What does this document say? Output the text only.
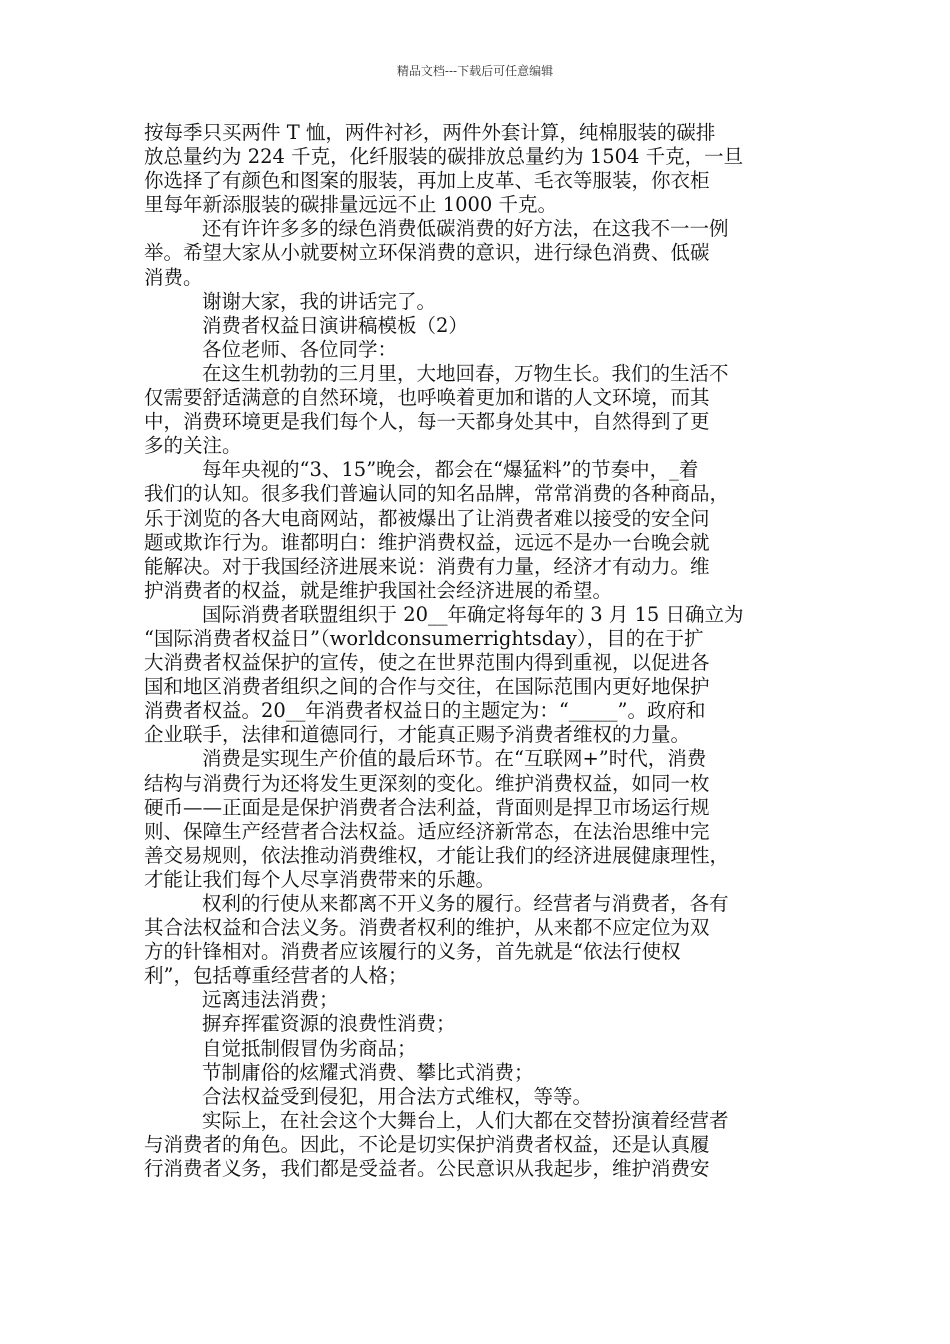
精品文档---下载后可任意编辑
按每季只买两件 T 恤，两件衬衫，两件外套计算，纯棉服装的碳排
放总量约为 224 千克，化纤服装的碳排放总量约为 1504 千克，一旦
你选择了有颜色和图案的服装，再加上皮革、毛衣等服装，你衣柜
里每年新添服装的碳排量远远不止 1000 千克。
还有许许多多的绿色消费低碳消费的好方法，在这我不一一例
举。希望大家从小就要树立环保消费的意识，进行绿色消费、低碳
消费。
谢谢大家，我的讲话完了。
消费者权益日演讲稿模板（2）
各位老师、各位同学：
在这生机勃勃的三月里，大地回春，万物生长。我们的生活不
仅需要舒适满意的自然环境，也呼唤着更加和谐的人文环境，而其
中，消费环境更是我们每个人，每一天都身处其中，自然得到了更
多的关注。
每年央视的“3、15”晚会，都会在“爆猛料”的节奏中，_着
我们的认知。很多我们普遍认同的知名品牌，常常消费的各种商品，
乐于浏览的各大电商网站，都被爆出了让消费者难以接受的安全问
题或欺诈行为。谁都明白：维护消费权益，远远不是办一台晚会就
能解决。对于我国经济进展来说：消费有力量，经济才有动力。维
护消费者的权益，就是维护我国社会经济进展的希望。
国际消费者联盟组织于 20__年确定将每年的 3 月 15 日确立为
“国际消费者权益日”（worldconsumerrightsday），目的在于扩
大消费者权益保护的宣传，使之在世界范围内得到重视，以促进各
国和地区消费者组织之间的合作与交往，在国际范围内更好地保护
消费者权益。20__年消费者权益日的主题定为：“_____”。政府和
企业联手，法律和道德同行，才能真正赐予消费者维权的力量。
消费是实现生产价值的最后环节。在“互联网+”时代，消费
结构与消费行为还将发生更深刻的变化。维护消费权益，如同一枚
硬币——正面是是保护消费者合法利益，背面则是捍卫市场运行规
则、保障生产经营者合法权益。适应经济新常态，在法治思维中完
善交易规则，依法推动消费维权，才能让我们的经济进展健康理性，
才能让我们每个人尽享消费带来的乐趣。
权利的行使从来都离不开义务的履行。经营者与消费者，各有
其合法权益和合法义务。消费者权利的维护，从来都不应定位为双
方的针锋相对。消费者应该履行的义务，首先就是“依法行使权
利”，包括尊重经营者的人格；
远离违法消费；
摒弃挥霍资源的浪费性消费；
自觉抵制假冒伪劣商品；
节制庸俗的炫耀式消费、攀比式消费；
合法权益受到侵犯，用合法方式维权，等等。
实际上，在社会这个大舞台上，人们大都在交替扮演着经营者
与消费者的角色。因此，不论是切实保护消费者权益，还是认真履
行消费者义务，我们都是受益者。公民意识从我起步，维护消费安
